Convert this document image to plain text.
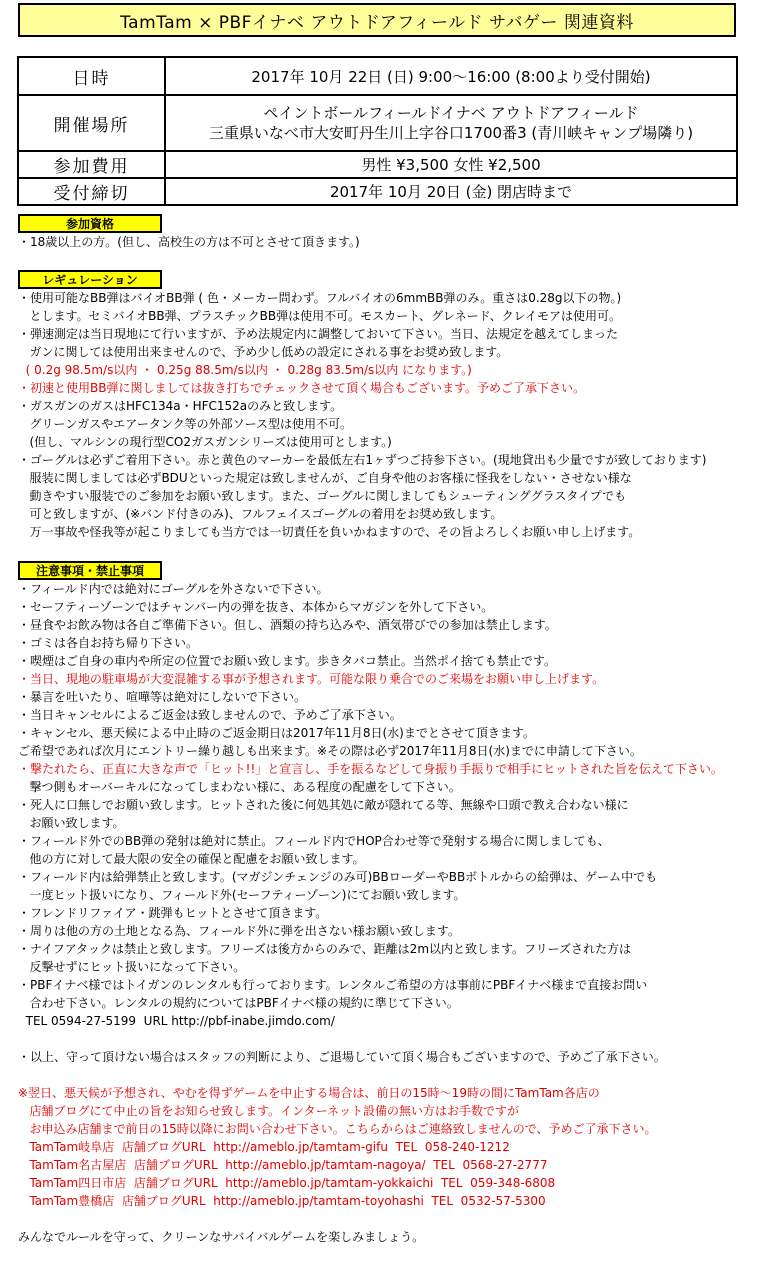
TamTam × PBFイナベ アウトドアフィールド サバゲー 関連資料
日時	2017年 10月 22日 (日) 9:00～16:00 (8:00より受付開始)
開催場所	ペイントボールフィールドイナベ アウトドアフィールド
三重県いなべ市大安町丹生川上字谷口1700番3 (青川峡キャンプ場隣り)

参加費用	男性 ¥3,500 女性 ¥2,500
受付締切	2017年 10月 20日 (金) 閉店時まで
参加資格
・18歳以上の方。(但し、高校生の方は不可とさせて頂きます。)
レギュレーション
・使用可能なBB弾はバイオBB弾 ( 色・メーカー問わず。フルバイオの6mmBB弾のみ。重さは0.28g以下の物。)
とします。セミバイオBB弾、プラスチックBB弾は使用不可。モスカート、グレネード、クレイモアは使用可。
・弾速測定は当日現地にて行いますが、予め法規定内に調整しておいて下さい。当日、法規定を越えてしまった
ガンに関しては使用出来ませんので、予め少し低めの設定にされる事をお奨め致します。
( 0.2g 98.5m/s以内 ・ 0.25g 88.5m/s以内 ・ 0.28g 83.5m/s以内 になります。)
・初速と使用BB弾に関しましては抜き打ちでチェックさせて頂く場合もございます。予めご了承下さい。
・ガスガンのガスはHFC134a・HFC152aのみと致します。
グリーンガスやエアータンク等の外部ソース型は使用不可。
(但し、マルシンの現行型CO2ガスガンシリーズは使用可とします。)
・ゴーグルは必ずご着用下さい。赤と黄色のマーカーを最低左右1ヶずつご持参下さい。(現地貸出も少量ですが致しております)
服装に関しましては必ずBDUといった規定は致しませんが、ご自身や他のお客様に怪我をしない・させない様な
動きやすい服装でのご参加をお願い致します。また、ゴーグルに関しましてもシューティンググラスタイプでも
可と致しますが、(※バンド付きのみ)、フルフェイスゴーグルの着用をお奨め致します。
万一事故や怪我等が起こりましても当方では一切責任を負いかねますので、その旨よろしくお願い申し上げます。
注意事項・禁止事項
・フィールド内では絶対にゴーグルを外さないで下さい。
・セーフティーゾーンではチャンバー内の弾を抜き、本体からマガジンを外して下さい。
・昼食やお飲み物は各自ご準備下さい。但し、酒類の持ち込みや、酒気帯びでの参加は禁止します。
・ゴミは各自お持ち帰り下さい。
・喫煙はご自身の車内や所定の位置でお願い致します。歩きタバコ禁止。当然ポイ捨ても禁止です。
・当日、現地の駐車場が大変混雑する事が予想されます。可能な限り乗合でのご来場をお願い申し上げます。
・暴言を吐いたり、喧嘩等は絶対にしないで下さい。
・当日キャンセルによるご返金は致しませんので、予めご了承下さい。
・キャンセル、悪天候による中止時のご返金期日は2017年11月8日(水)までとさせて頂きます。
ご希望であれば次月にエントリー繰り越しも出来ます。※その際は必ず2017年11月8日(水)までに申請して下さい。
・撃たれたら、正直に大きな声で「ヒット!!」と宣言し、手を振るなどして身振り手振りで相手にヒットされた旨を伝えて下さい。
撃つ側もオーバーキルになってしまわない様に、ある程度の配慮をして下さい。
・死人に口無しでお願い致します。ヒットされた後に何処其処に敵が隠れてる等、無線や口頭で教え合わない様に
お願い致します。
・フィールド外でのBB弾の発射は絶対に禁止。フィールド内でHOP合わせ等で発射する場合に関しましても、
他の方に対して最大限の安全の確保と配慮をお願い致します。
・フィールド内は給弾禁止と致します。(マガジンチェンジのみ可)BBローダーやBBボトルからの給弾は、ゲーム中でも
一度ヒット扱いになり、フィールド外(セーフティーゾーン)にてお願い致します。
・フレンドリファイア・跳弾もヒットとさせて頂きます。
・周りは他の方の土地となる為、フィールド外に弾を出さない様お願い致します。
・ナイフアタックは禁止と致します。フリーズは後方からのみで、距離は2m以内と致します。フリーズされた方は
反撃せずにヒット扱いになって下さい。
・PBFイナベ様ではトイガンのレンタルも行っております。レンタルご希望の方は事前にPBFイナベ様まで直接お問い
合わせ下さい。レンタルの規約についてはPBFイナベ様の規約に準じて下さい。
TEL 0594-27-5199  URL http://pbf-inabe.jimdo.com/
・以上、守って頂けない場合はスタッフの判断により、ご退場していて頂く場合もございますので、予めご了承下さい。
※翌日、悪天候が予想され、やむを得ずゲームを中止する場合は、前日の15時～19時の間にTamTam各店の
店舗ブログにて中止の旨をお知らせ致します。インターネット設備の無い方はお手数ですが
お申込み店舗まで前日の15時以降にお問い合わせ下さい。こちらからはご連絡致しませんので、予めご了承下さい。
TamTam岐阜店  店舗ブログURL  http://ameblo.jp/tamtam-gifu  TEL  058-240-1212
TamTam名古屋店  店舗ブログURL  http://ameblo.jp/tamtam-nagoya/  TEL  0568-27-2777
TamTam四日市店  店舗ブログURL  http://ameblo.jp/tamtam-yokkaichi  TEL  059-348-6808
TamTam豊橋店  店舗ブログURL  http://ameblo.jp/tamtam-toyohashi  TEL  0532-57-5300
みんなでルールを守って、クリーンなサバイバルゲームを楽しみましょう。
